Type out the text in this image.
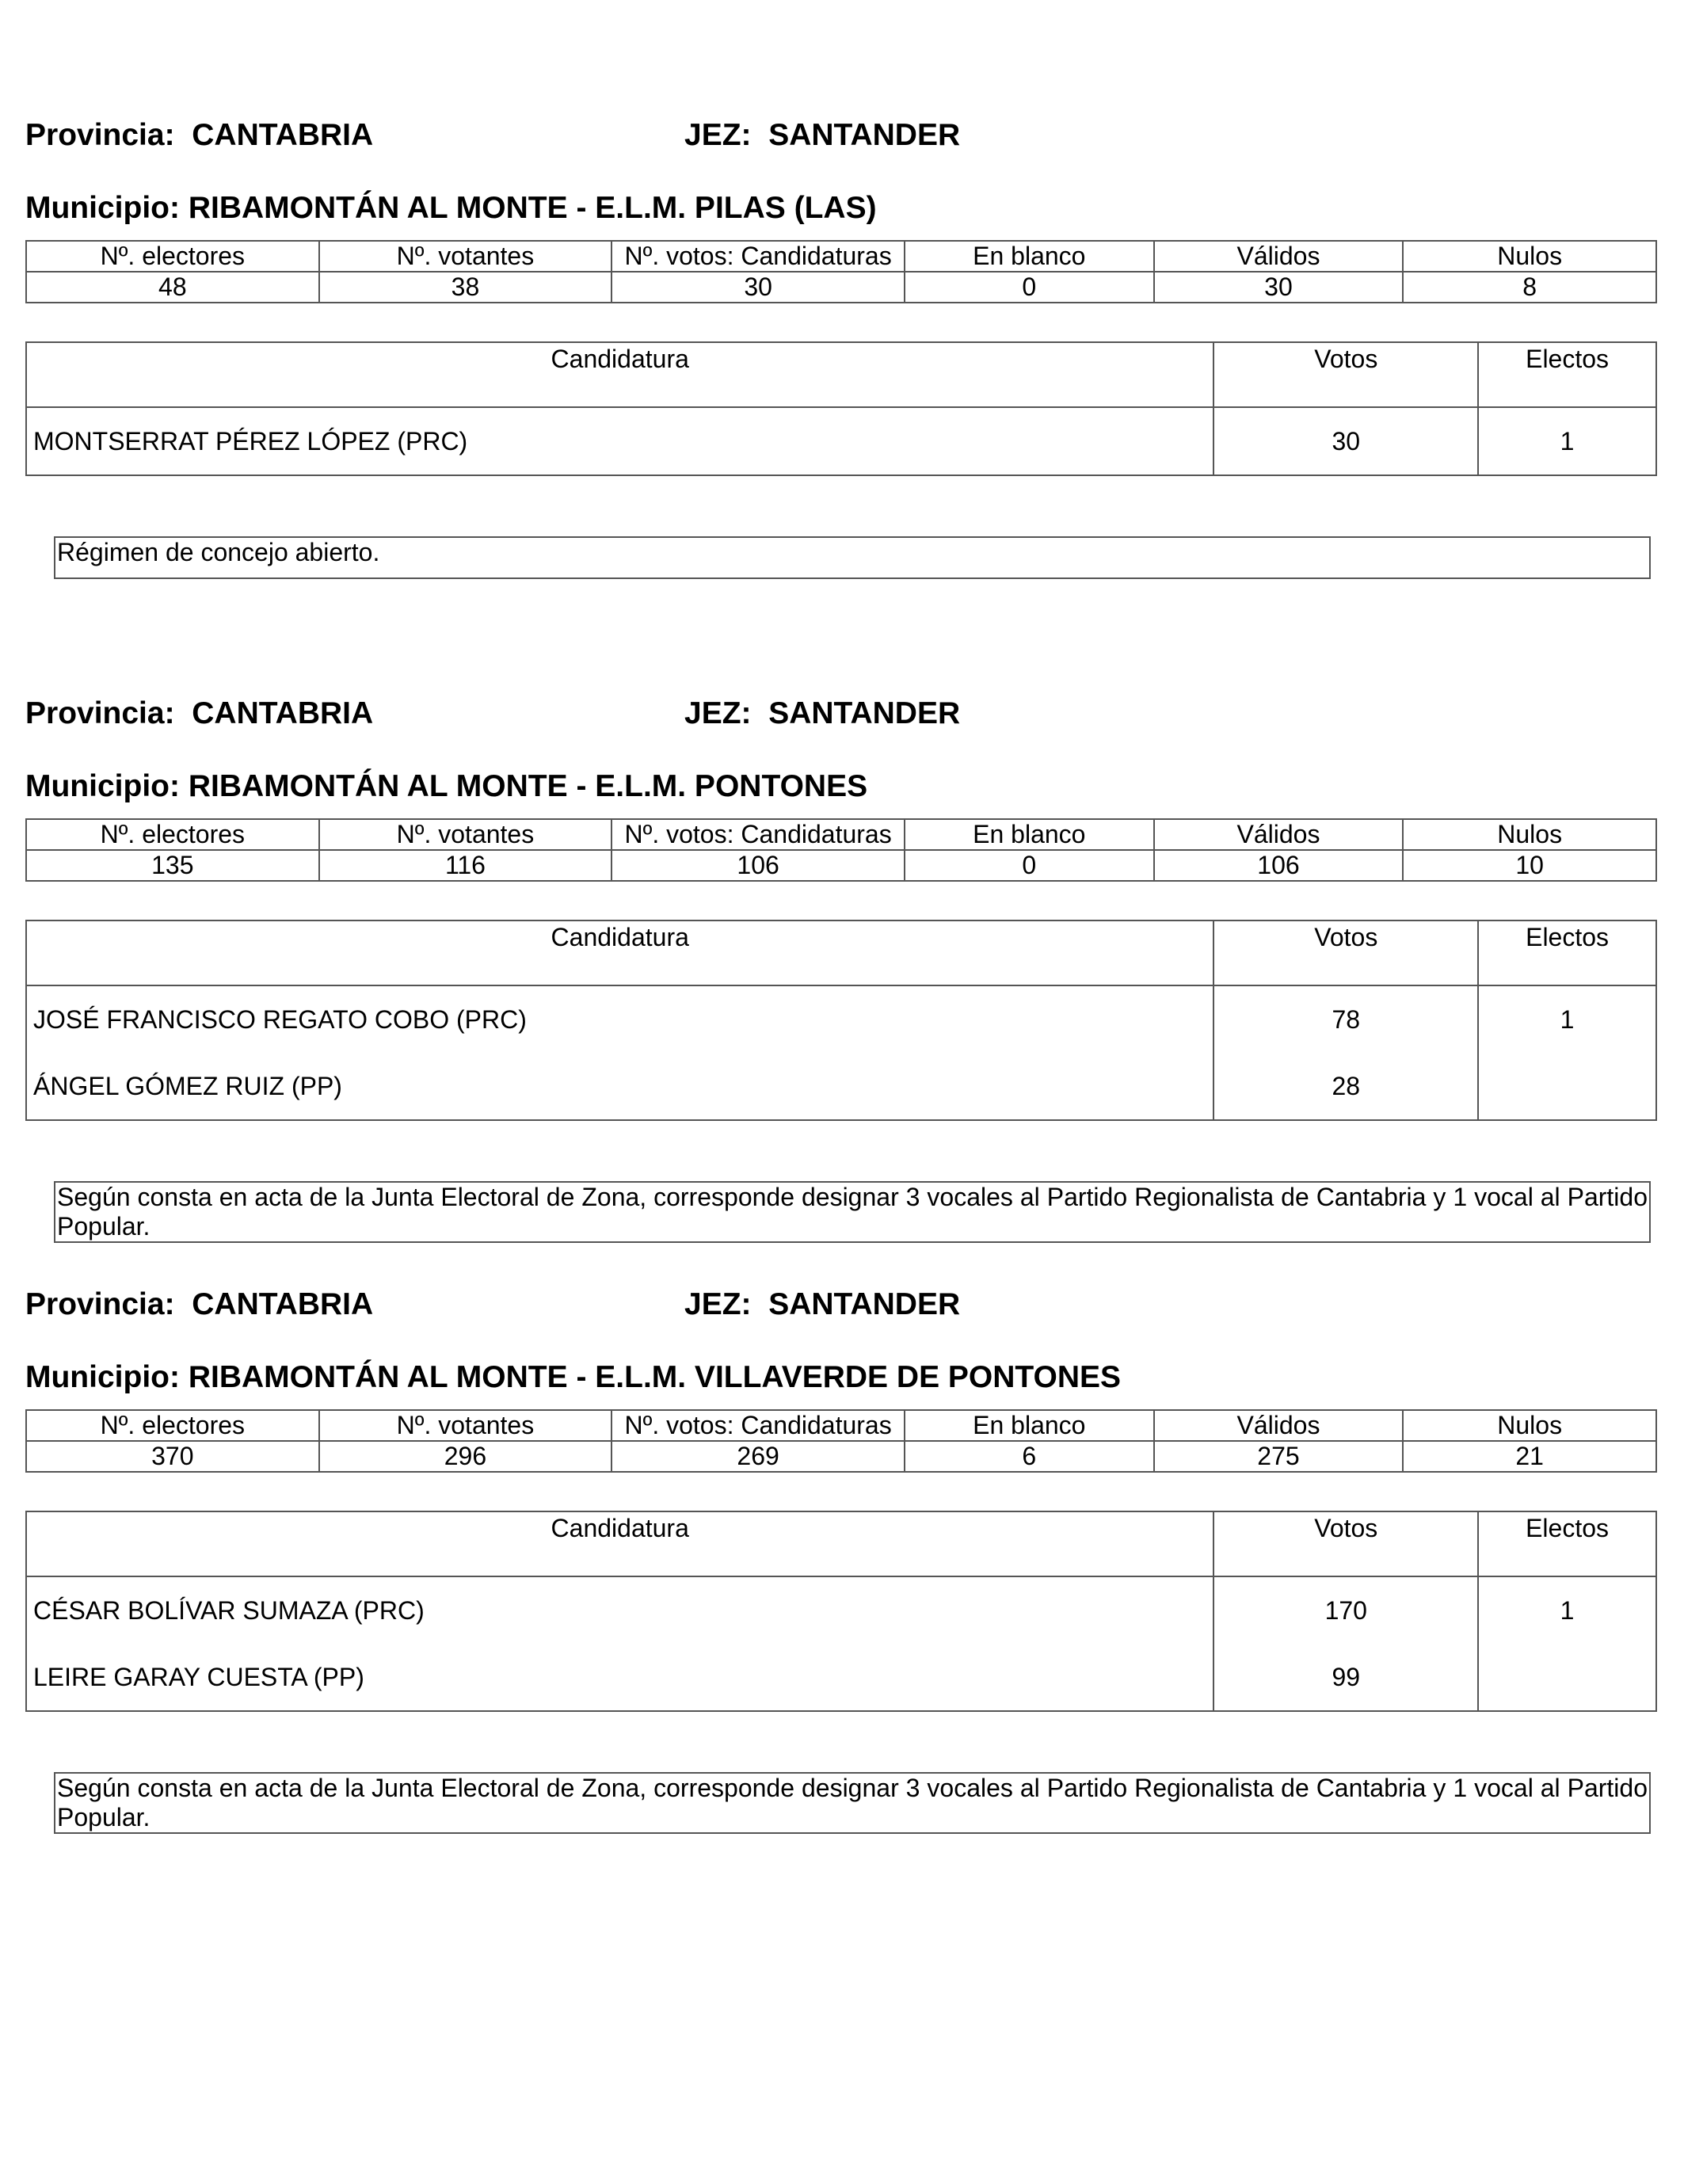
Provincia: CANTABRIA	JEZ: SANTANDER
Municipio: RIBAMONTÁN AL MONTE - E.L.M. PILAS (LAS)
Nº. electores	Nº. votantes	Nº. votos: Candidaturas	En blanco	Válidos	Nulos
48	38	30	0	30	8
Candidatura	Votos	Electos
MONTSERRAT PÉREZ LÓPEZ (PRC)	30	1
Régimen de concejo abierto.
Provincia: CANTABRIA	JEZ: SANTANDER
Municipio: RIBAMONTÁN AL MONTE - E.L.M. PONTONES
Nº. electores	Nº. votantes	Nº. votos: Candidaturas	En blanco	Válidos	Nulos
135	116	106	0	106	10
Candidatura	Votos	Electos
JOSÉ FRANCISCO REGATO COBO (PRC)	78	1
ÁNGEL GÓMEZ RUIZ (PP)	28	
Según consta en acta de la Junta Electoral de Zona, corresponde designar 3 vocales al Partido Regionalista de Cantabria y 1 vocal al Partido Popular.
Provincia: CANTABRIA	JEZ: SANTANDER
Municipio: RIBAMONTÁN AL MONTE - E.L.M. VILLAVERDE DE PONTONES
Nº. electores	Nº. votantes	Nº. votos: Candidaturas	En blanco	Válidos	Nulos
370	296	269	6	275	21
Candidatura	Votos	Electos
CÉSAR BOLÍVAR SUMAZA (PRC)	170	1
LEIRE GARAY CUESTA (PP)	99	
Según consta en acta de la Junta Electoral de Zona, corresponde designar 3 vocales al Partido Regionalista de Cantabria y 1 vocal al Partido Popular.
